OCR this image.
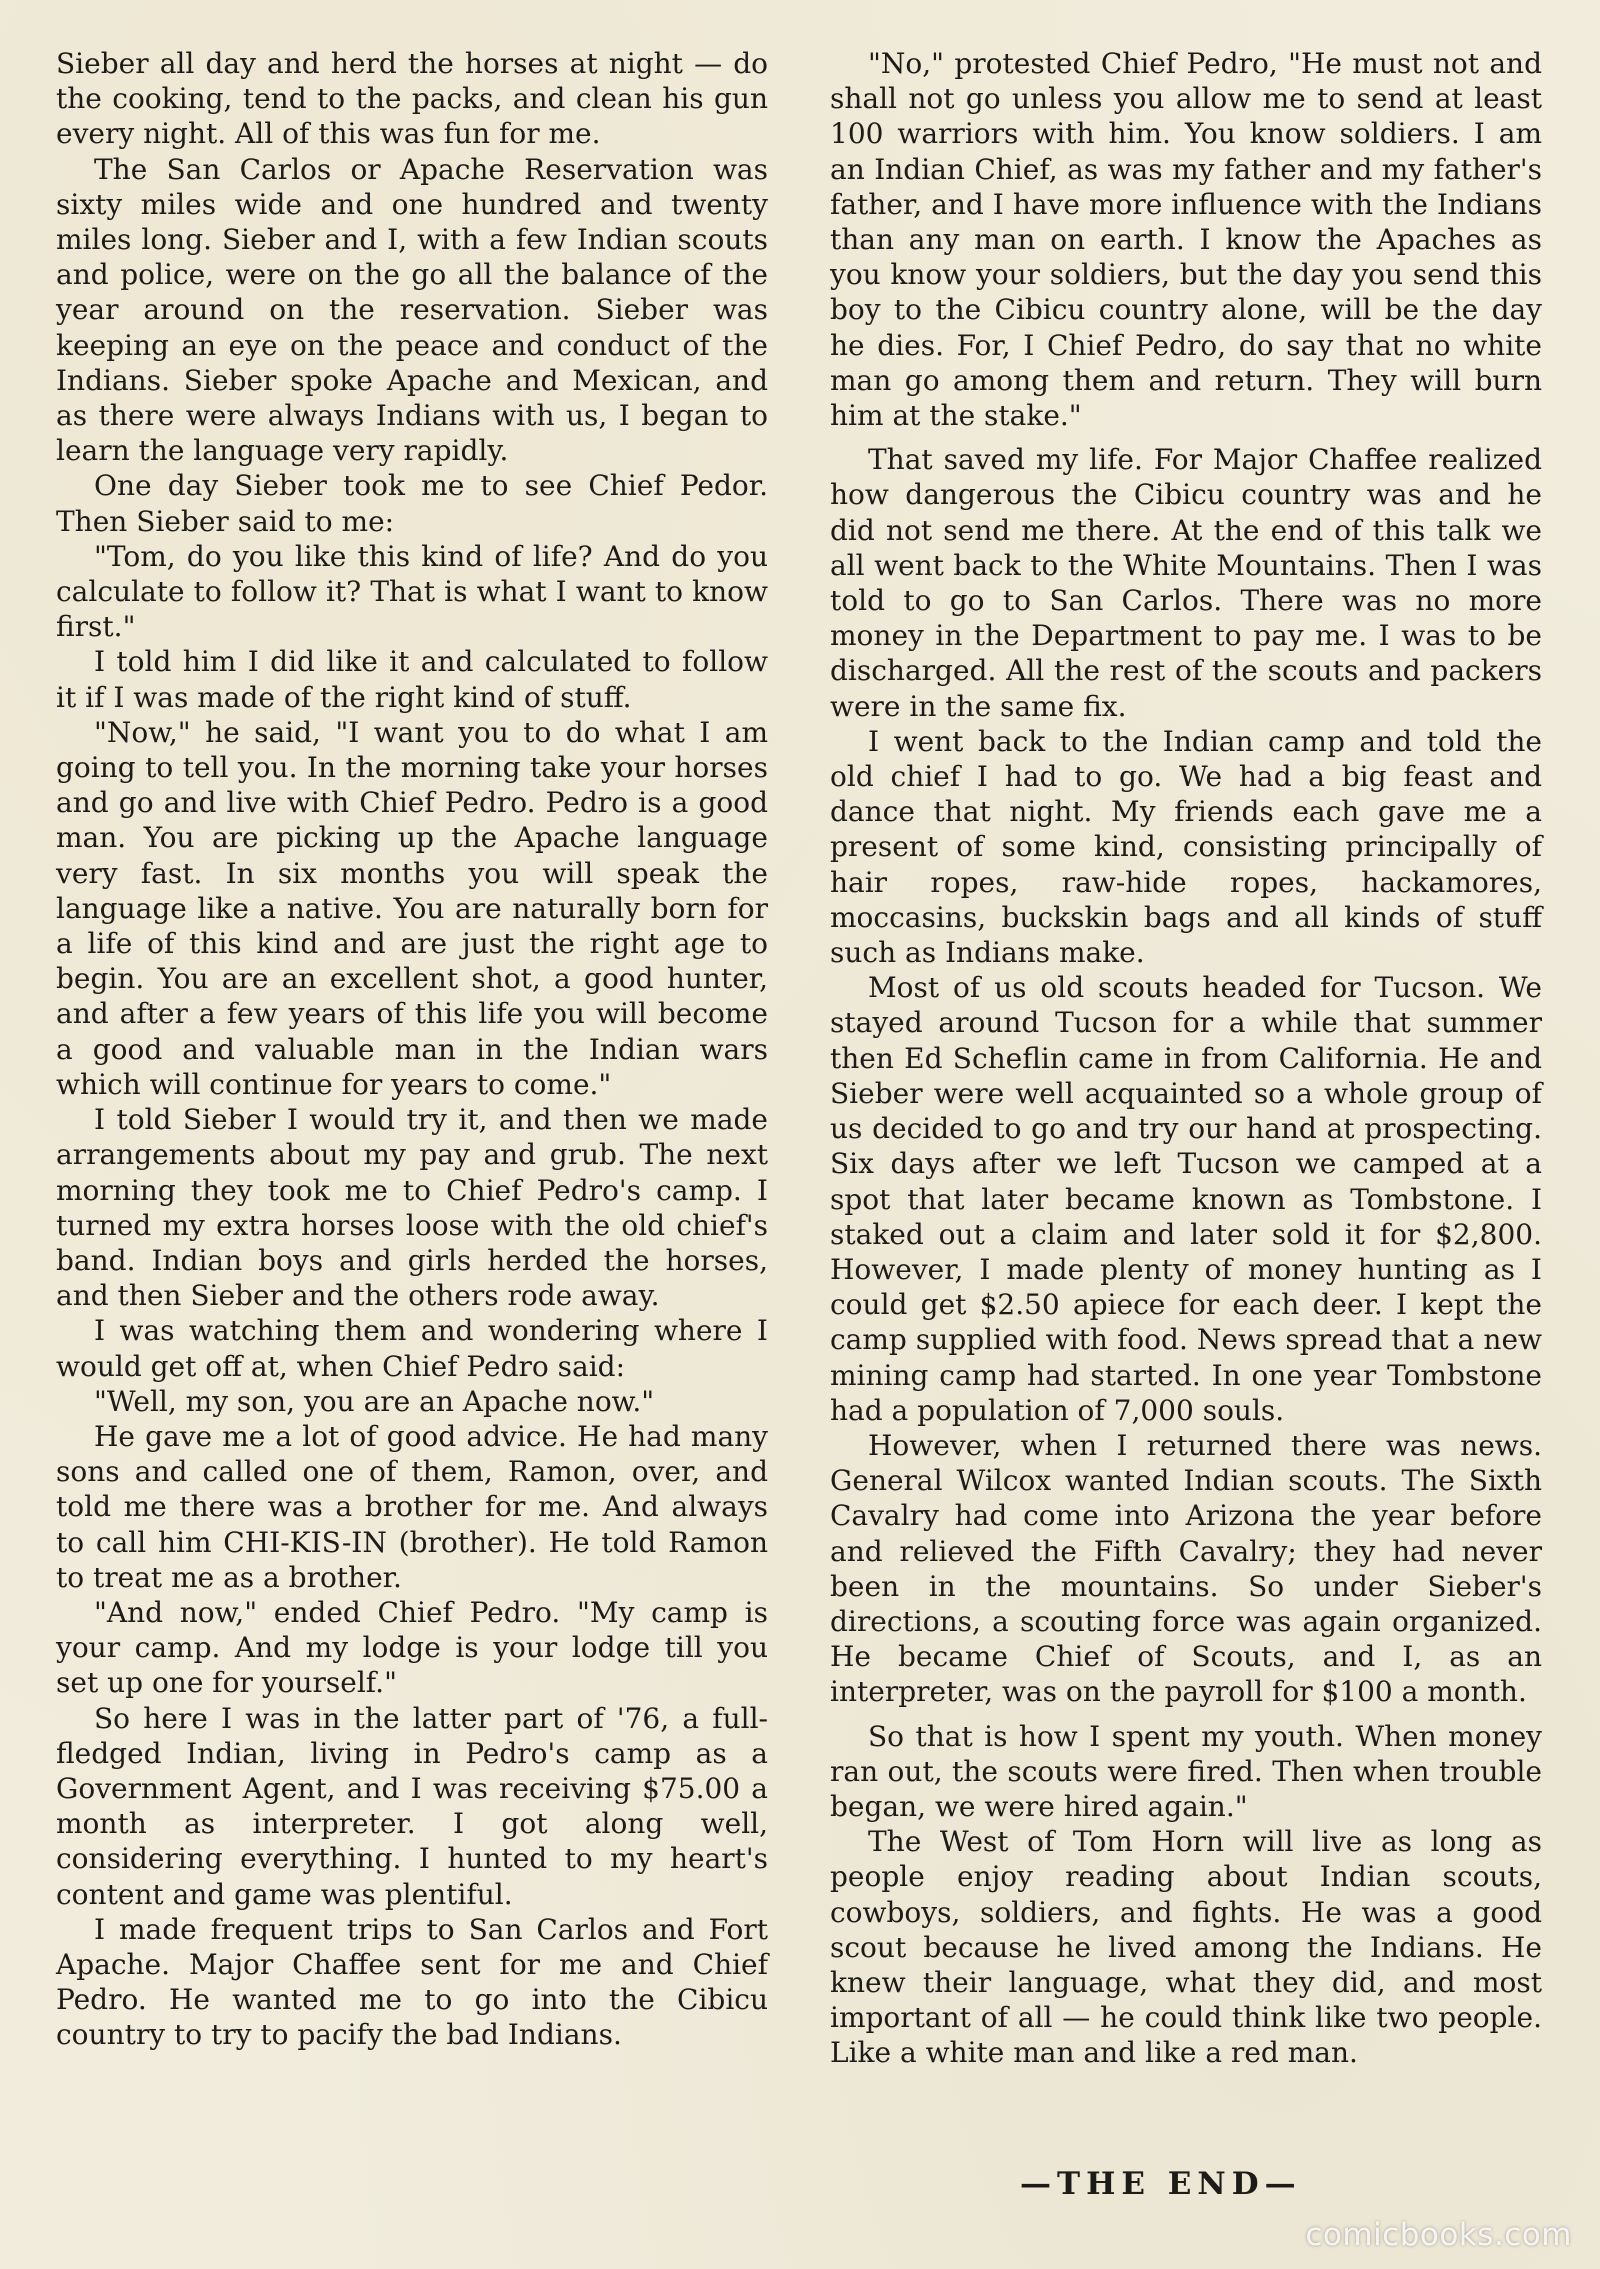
Sieber all day and herd the horses at night — do the cooking, tend to the packs, and clean his gun every night. All of this was fun for me.

The San Carlos or Apache Reservation was sixty miles wide and one hundred and twenty miles long. Sieber and I, with a few Indian scouts and police, were on the go all the balance of the year around on the reservation. Sieber was keeping an eye on the peace and conduct of the Indians. Sieber spoke Apache and Mexican, and as there were always Indians with us, I began to learn the language very rapidly.

One day Sieber took me to see Chief Pedor. Then Sieber said to me:

"Tom, do you like this kind of life? And do you calculate to follow it? That is what I want to know first."

I told him I did like it and calculated to follow it if I was made of the right kind of stuff.

"Now," he said, "I want you to do what I am going to tell you. In the morning take your horses and go and live with Chief Pedro. Pedro is a good man. You are picking up the Apache language very fast. In six months you will speak the language like a native. You are naturally born for a life of this kind and are just the right age to begin. You are an excellent shot, a good hunter, and after a few years of this life you will become a good and valuable man in the Indian wars which will continue for years to come."

I told Sieber I would try it, and then we made arrangements about my pay and grub. The next morning they took me to Chief Pedro's camp. I turned my extra horses loose with the old chief's band. Indian boys and girls herded the horses, and then Sieber and the others rode away.

I was watching them and wondering where I would get off at, when Chief Pedro said:

"Well, my son, you are an Apache now."

He gave me a lot of good advice. He had many sons and called one of them, Ramon, over, and told me there was a brother for me. And always to call him CHI-KIS-IN (brother). He told Ramon to treat me as a brother.

"And now," ended Chief Pedro. "My camp is your camp. And my lodge is your lodge till you set up one for yourself."

So here I was in the latter part of '76, a full-fledged Indian, living in Pedro's camp as a Government Agent, and I was receiving $75.00 a month as interpreter. I got along well, considering everything. I hunted to my heart's content and game was plentiful.

I made frequent trips to San Carlos and Fort Apache. Major Chaffee sent for me and Chief Pedro. He wanted me to go into the Cibicu country to try to pacify the bad Indians.

"No," protested Chief Pedro, "He must not and shall not go unless you allow me to send at least 100 warriors with him. You know soldiers. I am an Indian Chief, as was my father and my father's father, and I have more influence with the Indians than any man on earth. I know the Apaches as you know your soldiers, but the day you send this boy to the Cibicu country alone, will be the day he dies. For, I Chief Pedro, do say that no white man go among them and return. They will burn him at the stake."

That saved my life. For Major Chaffee realized how dangerous the Cibicu country was and he did not send me there. At the end of this talk we all went back to the White Mountains. Then I was told to go to San Carlos. There was no more money in the Department to pay me. I was to be discharged. All the rest of the scouts and packers were in the same fix.

I went back to the Indian camp and told the old chief I had to go. We had a big feast and dance that night. My friends each gave me a present of some kind, consisting principally of hair ropes, raw-hide ropes, hackamores, moccasins, buckskin bags and all kinds of stuff such as Indians make.

Most of us old scouts headed for Tucson. We stayed around Tucson for a while that summer then Ed Scheflin came in from California. He and Sieber were well acquainted so a whole group of us decided to go and try our hand at prospecting. Six days after we left Tucson we camped at a spot that later became known as Tombstone. I staked out a claim and later sold it for $2,800. However, I made plenty of money hunting as I could get $2.50 apiece for each deer. I kept the camp supplied with food. News spread that a new mining camp had started. In one year Tombstone had a population of 7,000 souls.

However, when I returned there was news. General Wilcox wanted Indian scouts. The Sixth Cavalry had come into Arizona the year before and relieved the Fifth Cavalry; they had never been in the mountains. So under Sieber's directions, a scouting force was again organized. He became Chief of Scouts, and I, as an interpreter, was on the payroll for $100 a month.

So that is how I spent my youth. When money ran out, the scouts were fired. Then when trouble began, we were hired again."

The West of Tom Horn will live as long as people enjoy reading about Indian scouts, cowboys, soldiers, and fights. He was a good scout because he lived among the Indians. He knew their language, what they did, and most important of all — he could think like two people. Like a white man and like a red man.

—THE END—
comicbooks.com
